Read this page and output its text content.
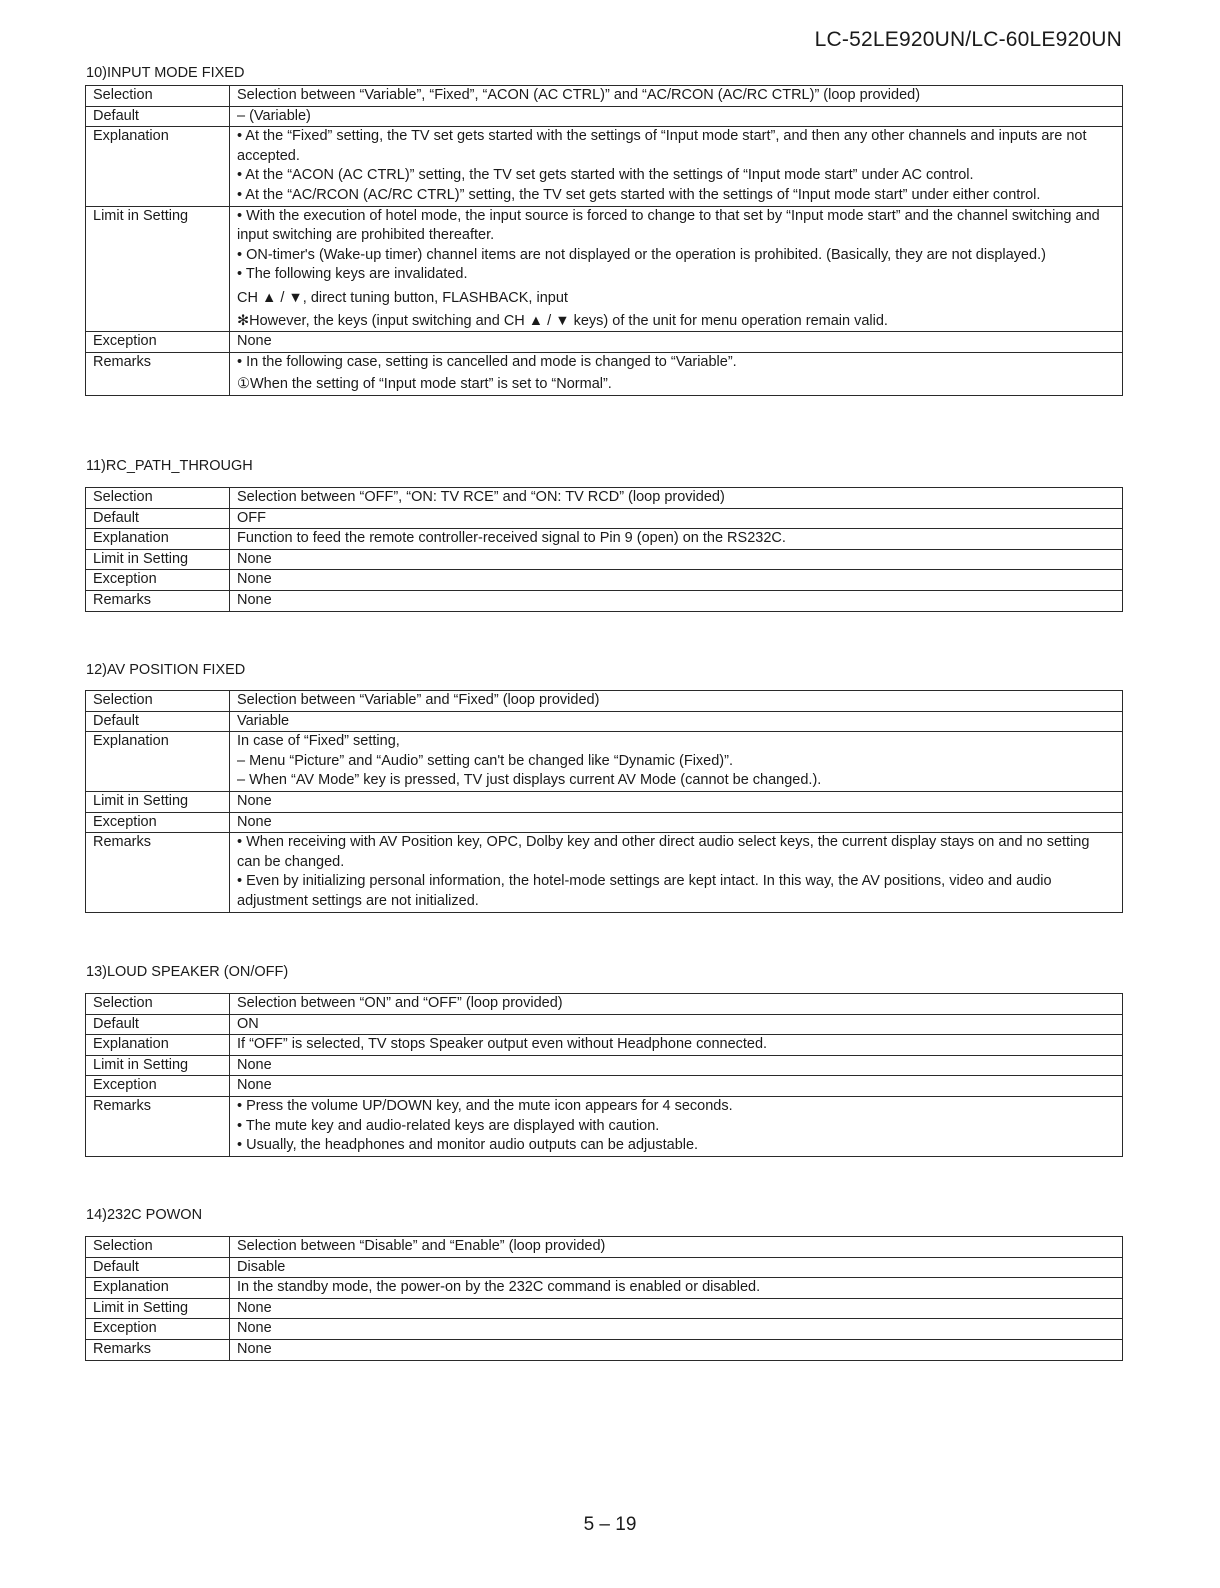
LC-52LE920UN/LC-60LE920UN
10)INPUT MODE FIXED
Selection	Selection between “Variable”, “Fixed”, “ACON (AC CTRL)” and “AC/RCON (AC/RC CTRL)” (loop provided)

Default	– (Variable)

Explanation	• At the “Fixed” setting, the TV set gets started with the settings of “Input mode start”, and then any other channels and inputs are not accepted.
• At the “ACON (AC CTRL)” setting, the TV set gets started with the settings of “Input mode start” under AC control.
• At the “AC/RCON (AC/RC CTRL)” setting, the TV set gets started with the settings of “Input mode start” under either control.

Limit in Setting	• With the execution of hotel mode, the input source is forced to change to that set by “Input mode start” and the channel switching and input switching are prohibited thereafter.
• ON-timer's (Wake-up timer) channel items are not displayed or the operation is prohibited. (Basically, they are not displayed.)
• The following keys are invalidated.
CH ▲ / ▼, direct tuning button, FLASHBACK, input
✻However, the keys (input switching and CH ▲ / ▼ keys) of the unit for menu operation remain valid.

Exception	None

Remarks	• In the following case, setting is cancelled and mode is changed to “Variable”.
①When the setting of “Input mode start” is set to “Normal”.
11)RC_PATH_THROUGH
Selection	Selection between “OFF”, “ON: TV RCE” and “ON: TV RCD” (loop provided)

Default	OFF

Explanation	Function to feed the remote controller-received signal to Pin 9 (open) on the RS232C.

Limit in Setting	None

Exception	None

Remarks	None
12)AV POSITION FIXED
Selection	Selection between “Variable” and “Fixed” (loop provided)

Default	Variable

Explanation	In case of “Fixed” setting,
– Menu “Picture” and “Audio” setting can't be changed like “Dynamic (Fixed)”.
– When “AV Mode” key is pressed, TV just displays current AV Mode (cannot be changed.).

Limit in Setting	None

Exception	None

Remarks	• When receiving with AV Position key, OPC, Dolby key and other direct audio select keys, the current display stays on and no setting can be changed.
• Even by initializing personal information, the hotel-mode settings are kept intact. In this way, the AV positions, video and audio adjustment settings are not initialized.
13)LOUD SPEAKER (ON/OFF)
Selection	Selection between “ON” and “OFF” (loop provided)

Default	ON

Explanation	If “OFF” is selected, TV stops Speaker output even without Headphone connected.

Limit in Setting	None

Exception	None

Remarks	• Press the volume UP/DOWN key, and the mute icon appears for 4 seconds.
• The mute key and audio-related keys are displayed with caution.
• Usually, the headphones and monitor audio outputs can be adjustable.
14)232C POWON
Selection	Selection between “Disable” and “Enable” (loop provided)

Default	Disable

Explanation	In the standby mode, the power-on by the 232C command is enabled or disabled.

Limit in Setting	None

Exception	None

Remarks	None
5 – 19
